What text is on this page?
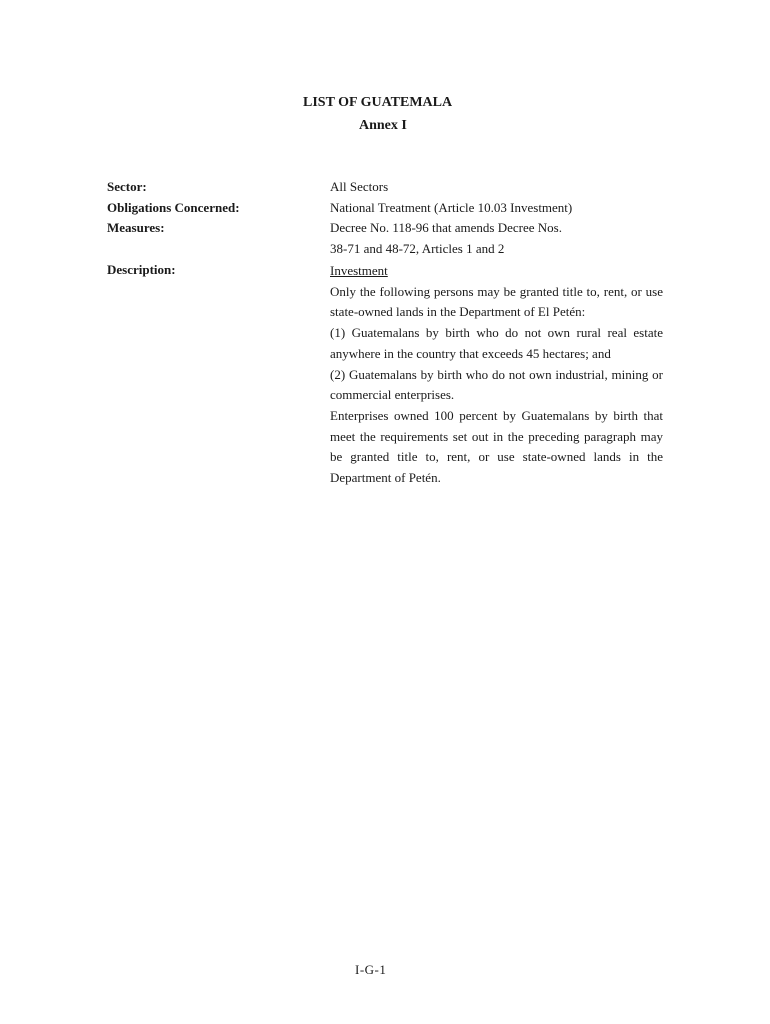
LIST OF GUATEMALA
Annex I
Sector:	All Sectors
Obligations Concerned:	National Treatment (Article 10.03 Investment)
Measures:	Decree No. 118-96 that amends Decree Nos.
38-71 and 48-72, Articles 1 and 2
Description:	Investment

Only the following persons may be granted title to, rent, or use state-owned lands in the Department of El Petén:

(1) Guatemalans by birth who do not own rural real estate anywhere in the country that exceeds 45 hectares; and

(2) Guatemalans by birth who do not own industrial, mining or commercial enterprises.

Enterprises owned 100 percent by Guatemalans by birth that meet the requirements set out in the preceding paragraph may be granted title to, rent, or use state-owned lands in the Department of Petén.

I-G-1
